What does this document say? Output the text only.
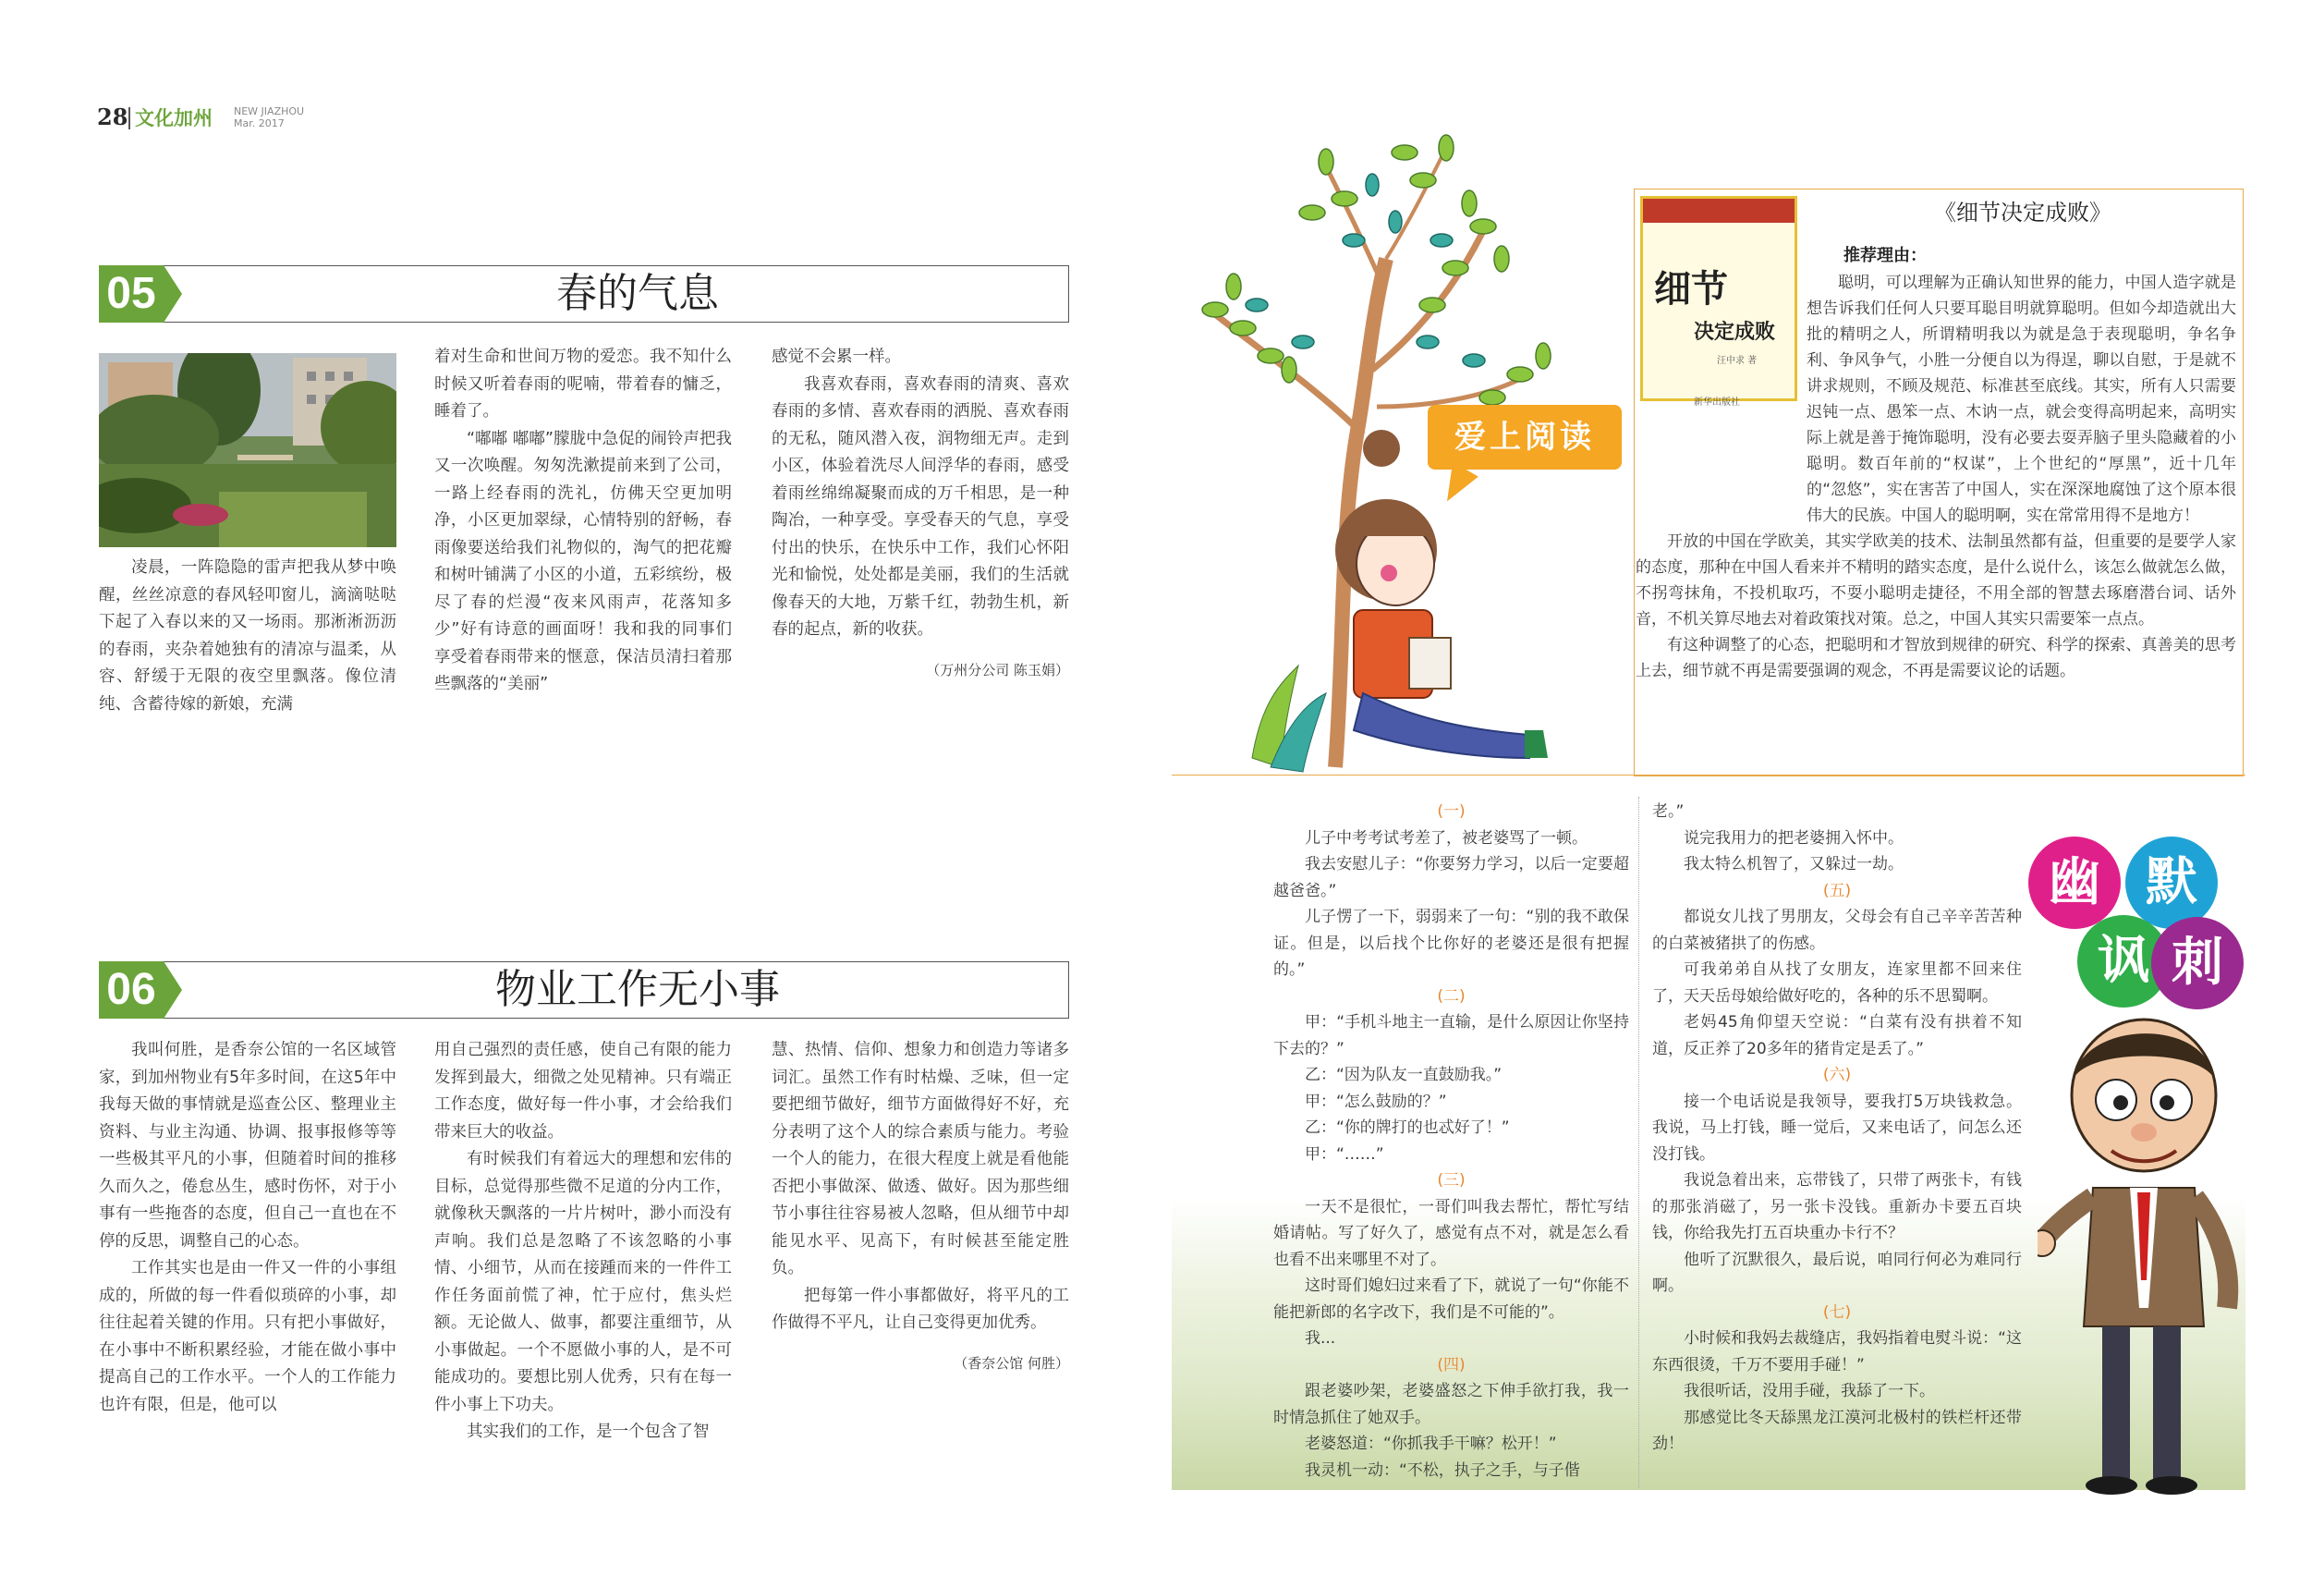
28 文化加州 NEW JIAZHOU
Mar. 2017
05	春的气息

凌晨，一阵隐隐的雷声把我从梦中唤醒，丝丝凉意的春风轻叩窗儿，滴滴哒哒下起了入春以来的又一场雨。那淅淅沥沥的春雨，夹杂着她独有的清凉与温柔，从容、舒缓于无限的夜空里飘落。像位清纯、含蓄待嫁的新娘，充满

着对生命和世间万物的爱恋。我不知什么时候又听着春雨的呢喃，带着春的慵乏，睡着了。

“嘟嘟 嘟嘟”朦胧中急促的闹铃声把我又一次唤醒。匆匆洗漱提前来到了公司，一路上经春雨的洗礼，仿佛天空更加明净，小区更加翠绿，心情特别的舒畅，春雨像要送给我们礼物似的，淘气的把花瓣和树叶铺满了小区的小道，五彩缤纷，极尽了春的烂漫“夜来风雨声，花落知多少”好有诗意的画面呀！我和我的同事们享受着春雨带来的惬意，保洁员清扫着那些飘落的“美丽”

感觉不会累一样。

我喜欢春雨，喜欢春雨的清爽、喜欢春雨的多情、喜欢春雨的洒脱、喜欢春雨的无私，随风潜入夜，润物细无声。走到小区，体验着洗尽人间浮华的春雨，感受着雨丝绵绵凝聚而成的万千相思，是一种陶冶，一种享受。享受春天的气息，享受付出的快乐，在快乐中工作，我们心怀阳光和愉悦，处处都是美丽，我们的生活就像春天的大地，万紫千红，勃勃生机，新春的起点，新的收获。

（万州分公司 陈玉娟）

06	物业工作无小事

我叫何胜，是香奈公馆的一名区域管家，到加州物业有5年多时间，在这5年中我每天做的事情就是巡查公区、整理业主资料、与业主沟通、协调、报事报修等等一些极其平凡的小事，但随着时间的推移久而久之，倦怠丛生，感时伤怀，对于小事有一些拖沓的态度，但自己一直也在不停的反思，调整自己的心态。

工作其实也是由一件又一件的小事组成的，所做的每一件看似琐碎的小事，却往往起着关键的作用。只有把小事做好，在小事中不断积累经验，才能在做小事中提高自己的工作水平。一个人的工作能力也许有限，但是，他可以

用自己强烈的责任感，使自己有限的能力发挥到最大，细微之处见精神。只有端正工作态度，做好每一件小事，才会给我们带来巨大的收益。

有时候我们有着远大的理想和宏伟的目标，总觉得那些微不足道的分内工作，就像秋天飘落的一片片树叶，渺小而没有声响。我们总是忽略了不该忽略的小事情、小细节，从而在接踵而来的一件件工作任务面前慌了神，忙于应付，焦头烂额。无论做人、做事，都要注重细节，从小事做起。一个不愿做小事的人，是不可能成功的。要想比别人优秀，只有在每一件小事上下功夫。

其实我们的工作，是一个包含了智

慧、热情、信仰、想象力和创造力等诸多词汇。虽然工作有时枯燥、乏味，但一定要把细节做好，细节方面做得好不好，充分表明了这个人的综合素质与能力。考验一个人的能力，在很大程度上就是看他能否把小事做深、做透、做好。因为那些细节小事往往容易被人忽略，但从细节中却能见水平、见高下，有时候甚至能定胜负。

把每第一件小事都做好，将平凡的工作做得不平凡，让自己变得更加优秀。

（香奈公馆 何胜）

爱上阅读
《细节决定成败》
细节
决定成败
汪中求 著
新华出版社
推荐理由：

聪明，可以理解为正确认知世界的能力，中国人造字就是想告诉我们任何人只要耳聪目明就算聪明。但如今却造就出大批的精明之人，所谓精明我以为就是急于表现聪明，争名争利、争风争气，小胜一分便自以为得逞，聊以自慰，于是就不讲求规则，不顾及规范、标准甚至底线。其实，所有人只需要迟钝一点、愚笨一点、木讷一点，就会变得高明起来，高明实际上就是善于掩饰聪明，没有必要去耍弄脑子里头隐藏着的小聪明。数百年前的“权谋”，上个世纪的“厚黑”，近十几年的“忽悠”，实在害苦了中国人，实在深深地腐蚀了这个原本很伟大的民族。中国人的聪明啊，实在常常用得不是地方！

开放的中国在学欧美，其实学欧美的技术、法制虽然都有益，但重要的是要学人家的态度，那种在中国人看来并不精明的踏实态度，是什么说什么，该怎么做就怎么做，不拐弯抹角，不投机取巧，不耍小聪明走捷径，不用全部的智慧去琢磨潜台词、话外音，不机关算尽地去对着政策找对策。总之，中国人其实只需要笨一点点。

有这种调整了的心态，把聪明和才智放到规律的研究、科学的探索、真善美的思考上去，细节就不再是需要强调的观念，不再是需要议论的话题。

(一)

儿子中考考试考差了，被老婆骂了一顿。

我去安慰儿子：“你要努力学习，以后一定要超越爸爸。”

儿子愣了一下，弱弱来了一句：“别的我不敢保证。但是，以后找个比你好的老婆还是很有把握的。”

(二)

甲：“手机斗地主一直输，是什么原因让你坚持下去的？”

乙：“因为队友一直鼓励我。”

甲：“怎么鼓励的？”

乙：“你的牌打的也忒好了！”

甲：“……”

(三)

一天不是很忙，一哥们叫我去帮忙，帮忙写结婚请帖。写了好久了，感觉有点不对，就是怎么看也看不出来哪里不对了。

这时哥们媳妇过来看了下，就说了一句“你能不能把新郎的名字改下，我们是不可能的”。

我...

(四)

跟老婆吵架，老婆盛怒之下伸手欲打我，我一时情急抓住了她双手。

老婆怒道：“你抓我手干嘛？松开！”

我灵机一动：“不松，执子之手，与子偕

老。”

说完我用力的把老婆拥入怀中。

我太特么机智了，又躲过一劫。

(五)

都说女儿找了男朋友，父母会有自己辛辛苦苦种的白菜被猪拱了的伤感。

可我弟弟自从找了女朋友，连家里都不回来住了，天天岳母娘给做好吃的，各种的乐不思蜀啊。

老妈45角仰望天空说：“白菜有没有拱着不知道，反正养了20多年的猪肯定是丢了。”

(六)

接一个电话说是我领导，要我打5万块钱救急。我说，马上打钱，睡一觉后，又来电话了，问怎么还没打钱。

我说急着出来，忘带钱了，只带了两张卡，有钱的那张消磁了，另一张卡没钱。重新办卡要五百块钱，你给我先打五百块重办卡行不？

他听了沉默很久，最后说，咱同行何必为难同行啊。

(七)

小时候和我妈去裁缝店，我妈指着电熨斗说：“这东西很烫，千万不要用手碰！”

我很听话，没用手碰，我舔了一下。

那感觉比冬天舔黑龙江漠河北极村的铁栏杆还带劲！

幽 默
讽 刺
